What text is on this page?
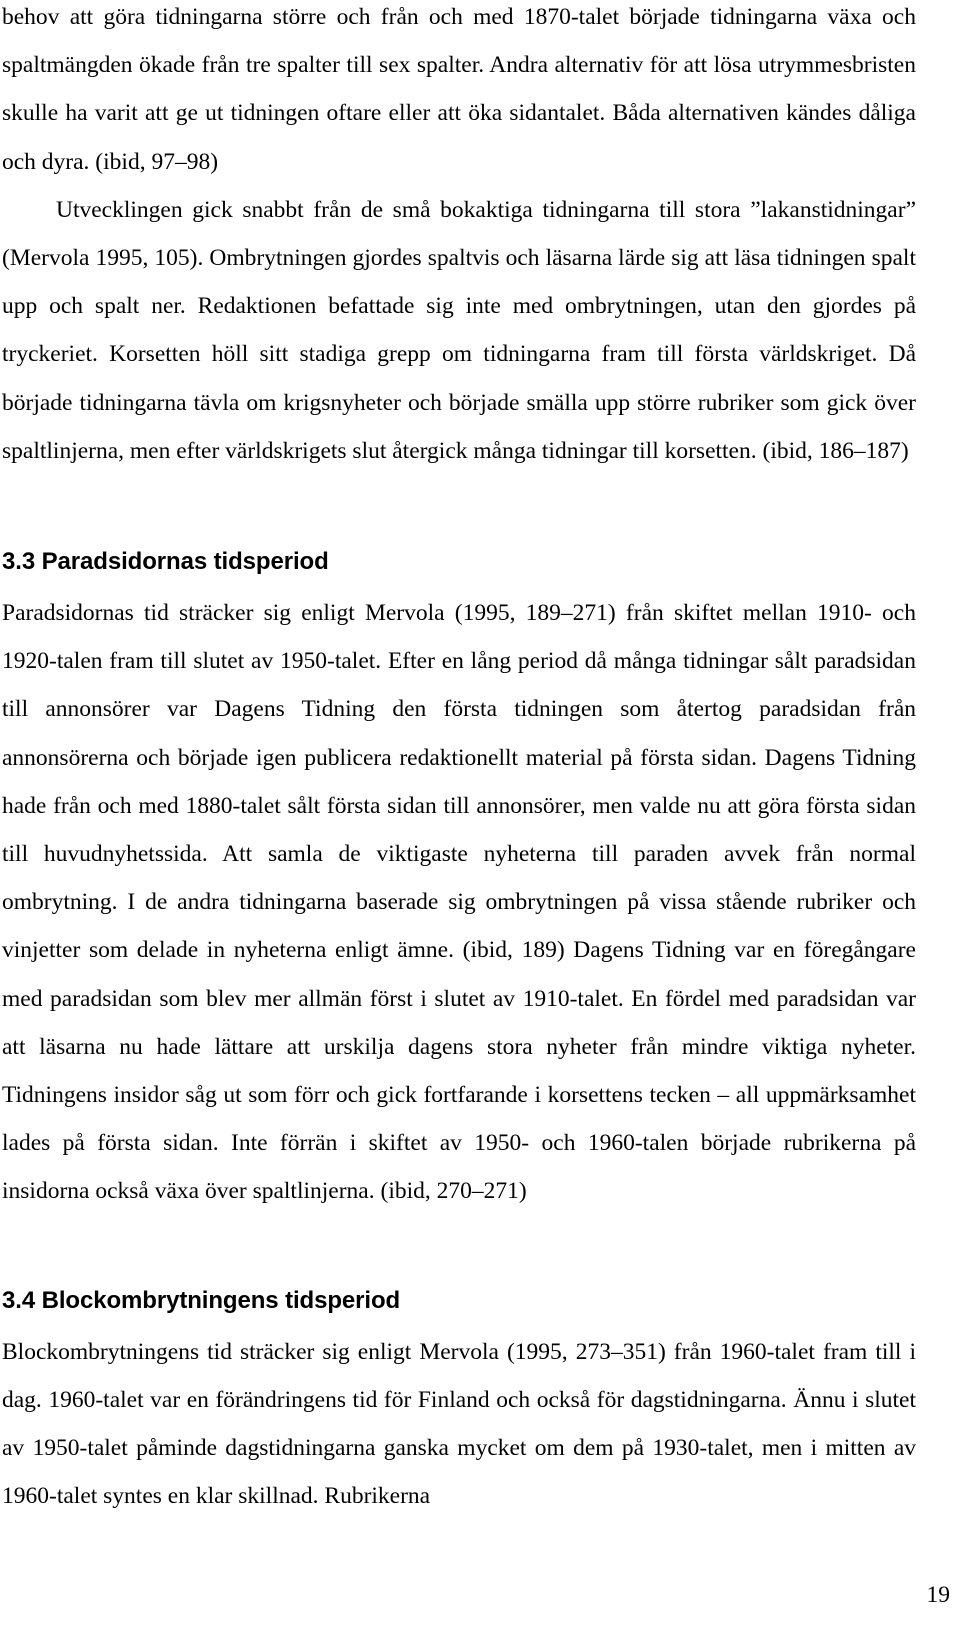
behov att göra tidningarna större och från och med 1870-talet började tidningarna växa och spaltmängden ökade från tre spalter till sex spalter. Andra alternativ för att lösa utrymmesbristen skulle ha varit att ge ut tidningen oftare eller att öka sidantalet. Båda alternativen kändes dåliga och dyra. (ibid, 97–98)

Utvecklingen gick snabbt från de små bokaktiga tidningarna till stora ”lakanstidningar” (Mervola 1995, 105). Ombrytningen gjordes spaltvis och läsarna lärde sig att läsa tidningen spalt upp och spalt ner. Redaktionen befattade sig inte med ombrytningen, utan den gjordes på tryckeriet. Korsetten höll sitt stadiga grepp om tidningarna fram till första världskriget. Då började tidningarna tävla om krigsnyheter och började smälla upp större rubriker som gick över spaltlinjerna, men efter världskrigets slut återgick många tidningar till korsetten. (ibid, 186–187)

3.3 Paradsidornas tidsperiod

Paradsidornas tid sträcker sig enligt Mervola (1995, 189–271) från skiftet mellan 1910- och 1920-talen fram till slutet av 1950-talet. Efter en lång period då många tidningar sålt paradsidan till annonsörer var Dagens Tidning den första tidningen som återtog paradsidan från annonsörerna och började igen publicera redaktionellt material på första sidan. Dagens Tidning hade från och med 1880-talet sålt första sidan till annonsörer, men valde nu att göra första sidan till huvudnyhetssida. Att samla de viktigaste nyheterna till paraden avvek från normal ombrytning. I de andra tidningarna baserade sig ombrytningen på vissa stående rubriker och vinjetter som delade in nyheterna enligt ämne. (ibid, 189) Dagens Tidning var en föregångare med paradsidan som blev mer allmän först i slutet av 1910-talet. En fördel med paradsidan var att läsarna nu hade lättare att urskilja dagens stora nyheter från mindre viktiga nyheter. Tidningens insidor såg ut som förr och gick fortfarande i korsettens tecken – all uppmärksamhet lades på första sidan. Inte förrän i skiftet av 1950- och 1960-talen började rubrikerna på insidorna också växa över spaltlinjerna. (ibid, 270–271)

3.4 Blockombrytningens tidsperiod

Blockombrytningens tid sträcker sig enligt Mervola (1995, 273–351) från 1960-talet fram till i dag. 1960-talet var en förändringens tid för Finland och också för dagstidningarna. Ännu i slutet av 1950-talet påminde dagstidningarna ganska mycket om dem på 1930-talet, men i mitten av 1960-talet syntes en klar skillnad. Rubrikerna

19
